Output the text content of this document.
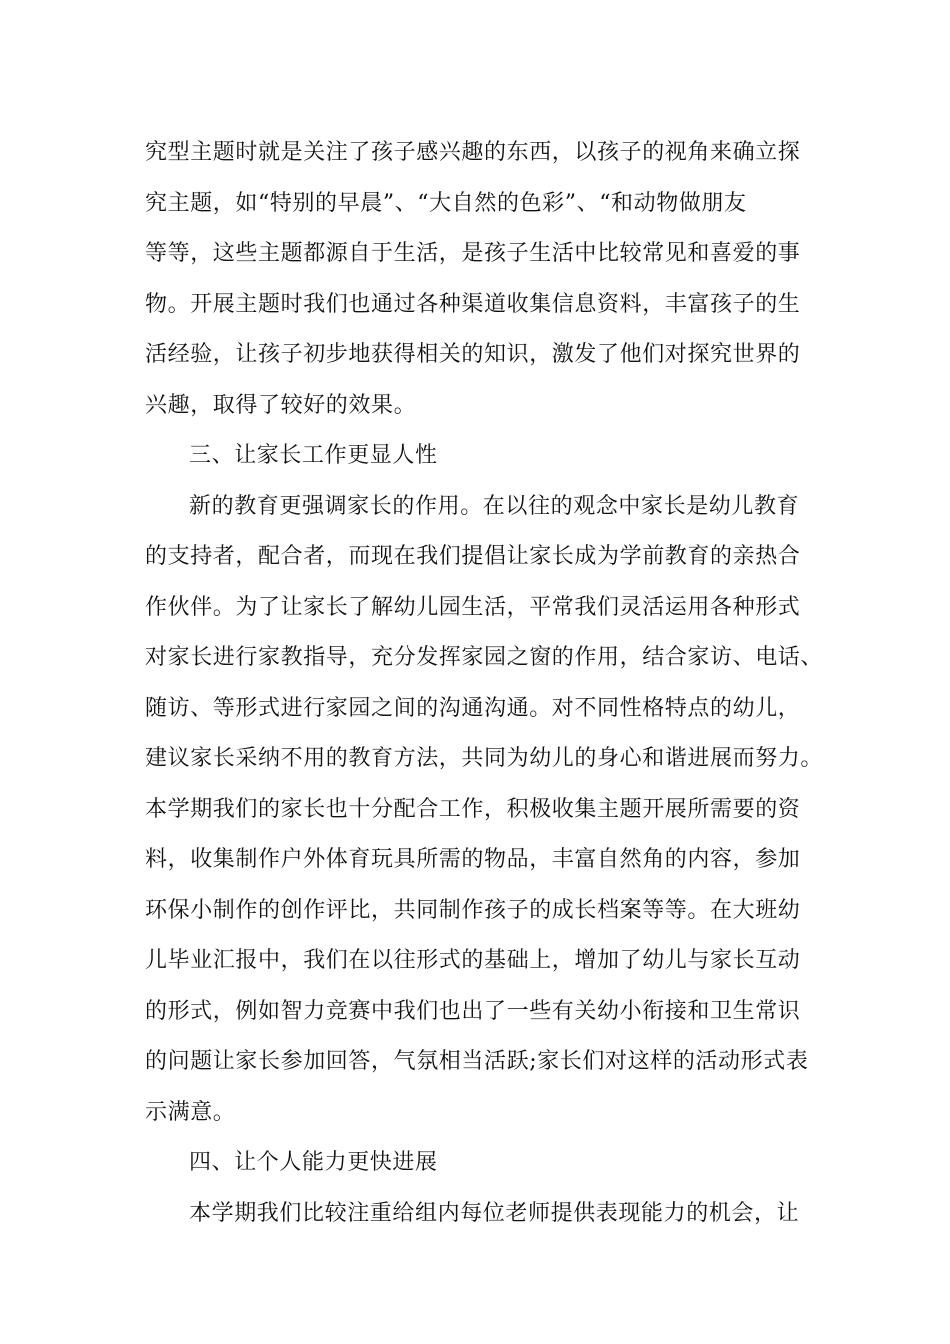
究型主题时就是关注了孩子感兴趣的东西，以孩子的视角来确立探
究主题，如“特别的早晨”、“大自然的色彩”、“和动物做朋友
等等，这些主题都源自于生活，是孩子生活中比较常见和喜爱的事
物。开展主题时我们也通过各种渠道收集信息资料，丰富孩子的生
活经验，让孩子初步地获得相关的知识，激发了他们对探究世界的
兴趣，取得了较好的效果。
三、让家长工作更显人性
新的教育更强调家长的作用。在以往的观念中家长是幼儿教育
的支持者，配合者，而现在我们提倡让家长成为学前教育的亲热合
作伙伴。为了让家长了解幼儿园生活，平常我们灵活运用各种形式
对家长进行家教指导，充分发挥家园之窗的作用，结合家访、电话、
随访、等形式进行家园之间的沟通沟通。对不同性格特点的幼儿，
建议家长采纳不用的教育方法，共同为幼儿的身心和谐进展而努力。
本学期我们的家长也十分配合工作，积极收集主题开展所需要的资
料，收集制作户外体育玩具所需的物品，丰富自然角的内容，参加
环保小制作的创作评比，共同制作孩子的成长档案等等。在大班幼
儿毕业汇报中，我们在以往形式的基础上，增加了幼儿与家长互动
的形式，例如智力竞赛中我们也出了一些有关幼小衔接和卫生常识
的问题让家长参加回答，气氛相当活跃;家长们对这样的活动形式表
示满意。
四、让个人能力更快进展
本学期我们比较注重给组内每位老师提供表现能力的机会，让
